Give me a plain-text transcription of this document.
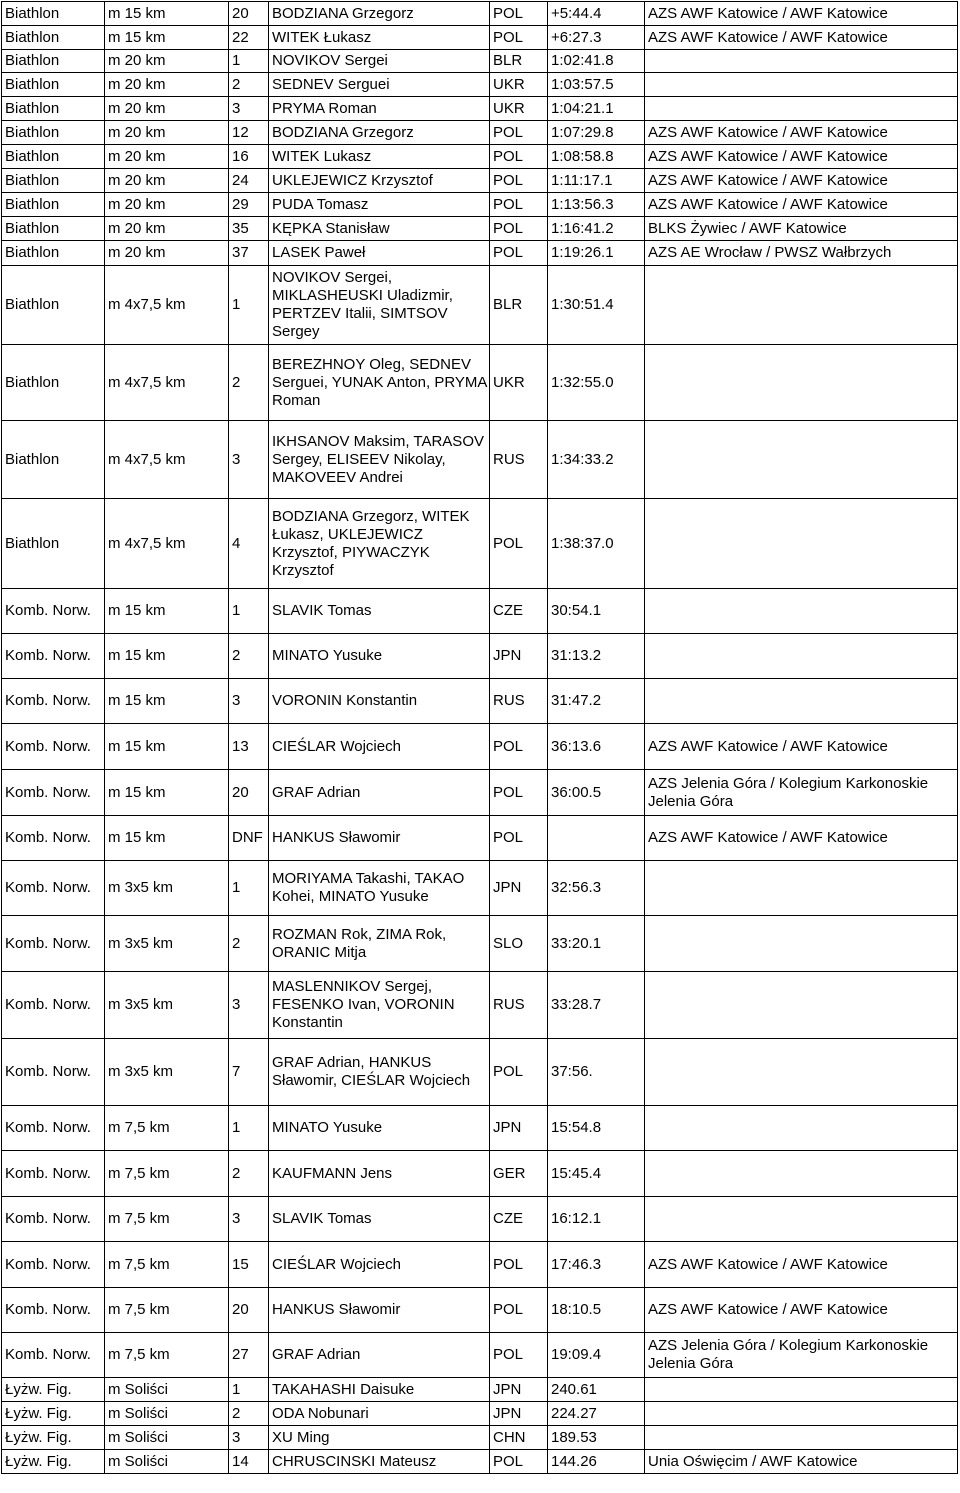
Biathlon	m 15 km	20	BODZIANA Grzegorz	POL	+5:44.4	AZS AWF Katowice / AWF Katowice
Biathlon	m 15 km	22	WITEK Łukasz	POL	+6:27.3	AZS AWF Katowice / AWF Katowice
Biathlon	m 20 km	1	NOVIKOV Sergei	BLR	1:02:41.8	
Biathlon	m 20 km	2	SEDNEV Serguei	UKR	1:03:57.5	
Biathlon	m 20 km	3	PRYMA Roman	UKR	1:04:21.1	
Biathlon	m 20 km	12	BODZIANA Grzegorz	POL	1:07:29.8	AZS AWF Katowice / AWF Katowice
Biathlon	m 20 km	16	WITEK Lukasz	POL	1:08:58.8	AZS AWF Katowice / AWF Katowice
Biathlon	m 20 km	24	UKLEJEWICZ Krzysztof	POL	1:11:17.1	AZS AWF Katowice / AWF Katowice
Biathlon	m 20 km	29	PUDA Tomasz	POL	1:13:56.3	AZS AWF Katowice / AWF Katowice
Biathlon	m 20 km	35	KĘPKA Stanisław	POL	1:16:41.2	BLKS Żywiec / AWF Katowice
Biathlon	m 20 km	37	LASEK Paweł	POL	1:19:26.1	AZS AE Wrocław / PWSZ Wałbrzych
Biathlon	m 4x7,5 km	1	NOVIKOV Sergei, MIKLASHEUSKI Uladizmir, PERTZEV Italii, SIMTSOV Sergey	BLR	1:30:51.4	
Biathlon	m 4x7,5 km	2	BEREZHNOY Oleg, SEDNEV Serguei, YUNAK Anton, PRYMA Roman	UKR	1:32:55.0	
Biathlon	m 4x7,5 km	3	IKHSANOV Maksim, TARASOV Sergey, ELISEEV Nikolay, MAKOVEEV Andrei	RUS	1:34:33.2	
Biathlon	m 4x7,5 km	4	BODZIANA Grzegorz, WITEK Łukasz, UKLEJEWICZ Krzysztof, PIYWACZYK Krzysztof	POL	1:38:37.0	
Komb. Norw.	m 15 km	1	SLAVIK Tomas	CZE	30:54.1	
Komb. Norw.	m 15 km	2	MINATO Yusuke	JPN	31:13.2	
Komb. Norw.	m 15 km	3	VORONIN Konstantin	RUS	31:47.2	
Komb. Norw.	m 15 km	13	CIEŚLAR Wojciech	POL	36:13.6	AZS AWF Katowice / AWF Katowice
Komb. Norw.	m 15 km	20	GRAF Adrian	POL	36:00.5	AZS Jelenia Góra / Kolegium Karkonoskie Jelenia Góra
Komb. Norw.	m 15 km	DNF	HANKUS Sławomir	POL		AZS AWF Katowice / AWF Katowice
Komb. Norw.	m 3x5 km	1	MORIYAMA Takashi, TAKAO Kohei, MINATO Yusuke	JPN	32:56.3	
Komb. Norw.	m 3x5 km	2	ROZMAN Rok, ZIMA Rok, ORANIC Mitja	SLO	33:20.1	
Komb. Norw.	m 3x5 km	3	MASLENNIKOV Sergej, FESENKO Ivan, VORONIN Konstantin	RUS	33:28.7	
Komb. Norw.	m 3x5 km	7	GRAF Adrian, HANKUS Sławomir, CIEŚLAR Wojciech	POL	37:56.	
Komb. Norw.	m 7,5 km	1	MINATO Yusuke	JPN	15:54.8	
Komb. Norw.	m 7,5 km	2	KAUFMANN Jens	GER	15:45.4	
Komb. Norw.	m 7,5 km	3	SLAVIK Tomas	CZE	16:12.1	
Komb. Norw.	m 7,5 km	15	CIEŚLAR Wojciech	POL	17:46.3	AZS AWF Katowice / AWF Katowice
Komb. Norw.	m 7,5 km	20	HANKUS Sławomir	POL	18:10.5	AZS AWF Katowice / AWF Katowice
Komb. Norw.	m 7,5 km	27	GRAF Adrian	POL	19:09.4	AZS Jelenia Góra / Kolegium Karkonoskie Jelenia Góra
Łyżw. Fig.	m Soliści	1	TAKAHASHI Daisuke	JPN	240.61	
Łyżw. Fig.	m Soliści	2	ODA Nobunari	JPN	224.27	
Łyżw. Fig.	m Soliści	3	XU Ming	CHN	189.53	
Łyżw. Fig.	m Soliści	14	CHRUSCINSKI Mateusz	POL	144.26	Unia Oświęcim / AWF Katowice
